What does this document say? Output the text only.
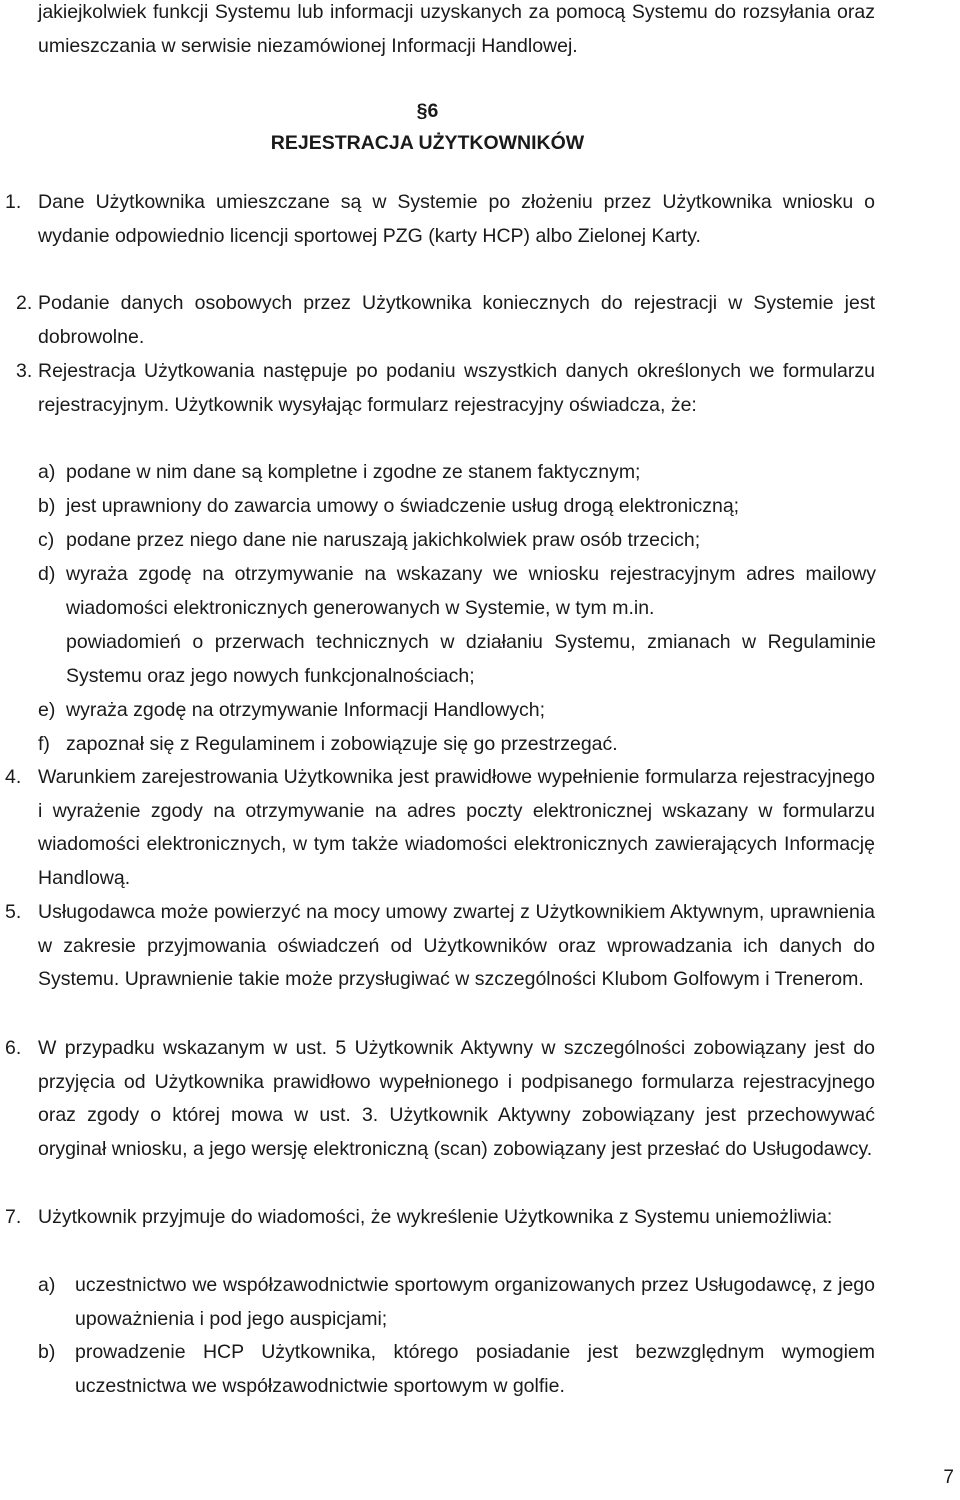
jakiejkolwiek funkcji Systemu lub informacji uzyskanych za pomocą Systemu do rozsyłania oraz umieszczania w serwisie niezamówionej Informacji Handlowej.
§6
REJESTRACJA UŻYTKOWNIKÓW
1. Dane Użytkownika umieszczane są w Systemie po złożeniu przez Użytkownika wniosku o wydanie odpowiednio licencji sportowej PZG (karty HCP) albo Zielonej Karty.
2. Podanie danych osobowych przez Użytkownika koniecznych do rejestracji w Systemie jest dobrowolne.
3. Rejestracja Użytkowania następuje po podaniu wszystkich danych określonych we formularzu rejestracyjnym. Użytkownik wysyłając formularz rejestracyjny oświadcza, że:
a) podane w nim dane są kompletne i zgodne ze stanem faktycznym;
b) jest uprawniony do zawarcia umowy o świadczenie usług drogą elektroniczną;
c) podane przez niego dane nie naruszają jakichkolwiek praw osób trzecich;
d) wyraża zgodę na otrzymywanie na wskazany we wniosku rejestracyjnym adres mailowy wiadomości elektronicznych generowanych w Systemie, w tym m.in.
powiadomień o przerwach technicznych w działaniu Systemu, zmianach w Regulaminie Systemu oraz jego nowych funkcjonalnościach;
e) wyraża zgodę na otrzymywanie Informacji Handlowych;
f) zapoznał się z Regulaminem i zobowiązuje się go przestrzegać.
4. Warunkiem zarejestrowania Użytkownika jest prawidłowe wypełnienie formularza rejestracyjnego i wyrażenie zgody na otrzymywanie na adres poczty elektronicznej wskazany w formularzu wiadomości elektronicznych, w tym także wiadomości elektronicznych zawierających Informację Handlową.
5. Usługodawca może powierzyć na mocy umowy zwartej z Użytkownikiem Aktywnym, uprawnienia w zakresie przyjmowania oświadczeń od Użytkowników oraz wprowadzania ich danych do Systemu. Uprawnienie takie może przysługiwać w szczególności Klubom Golfowym i Trenerom.
6. W przypadku wskazanym w ust. 5 Użytkownik Aktywny w szczególności zobowiązany jest do przyjęcia od Użytkownika prawidłowo wypełnionego i podpisanego formularza rejestracyjnego oraz zgody o której mowa w ust. 3. Użytkownik Aktywny zobowiązany jest przechowywać oryginał wniosku, a jego wersję elektroniczną (scan) zobowiązany jest przesłać do Usługodawcy.
7. Użytkownik przyjmuje do wiadomości, że wykreślenie Użytkownika z Systemu uniemożliwia:
a) uczestnictwo we współzawodnictwie sportowym organizowanych przez Usługodawcę, z jego upoważnienia i pod jego auspicjami;
b) prowadzenie HCP Użytkownika, którego posiadanie jest bezwzględnym wymogiem uczestnictwa we współzawodnictwie sportowym w golfie.
7
